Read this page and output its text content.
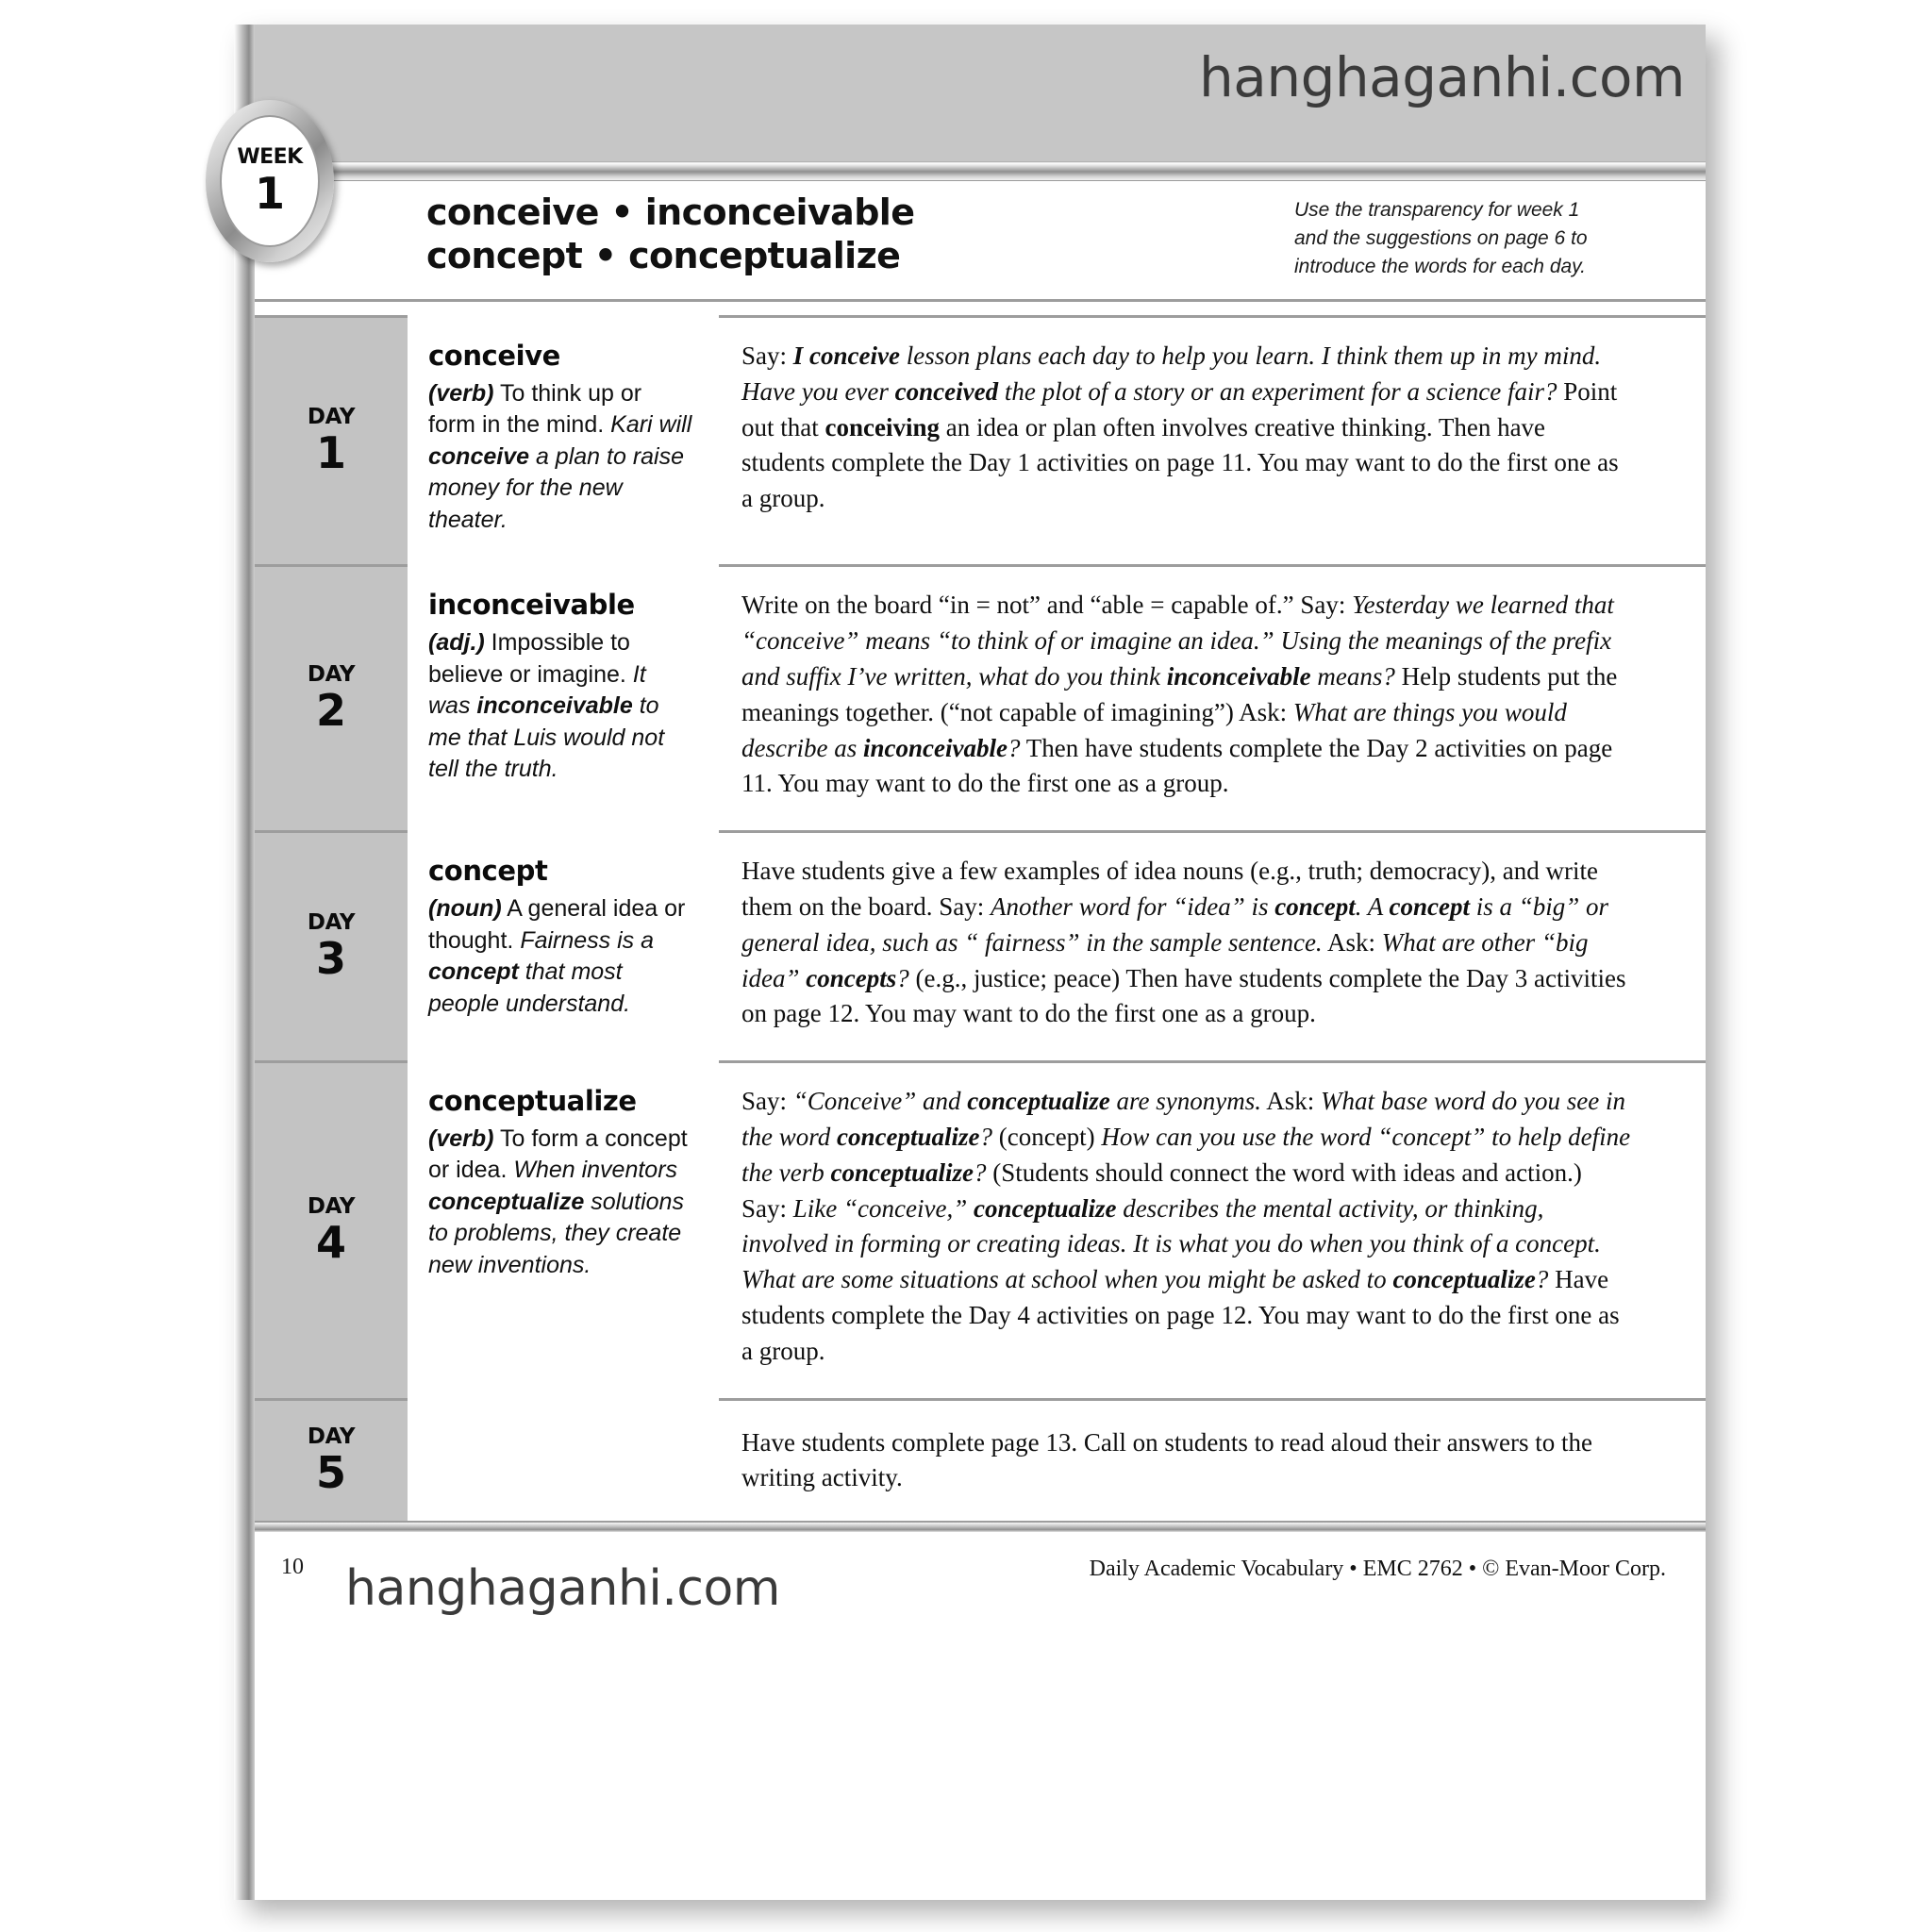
hanghaganhi.com
WEEK
1	conceive • inconceivable
concept • conceptualize
Use the transparency for week 1 and the suggestions on page 6 to introduce the words for each day.
DAY
1
conceive
(verb) To think up or form in the mind. Kari will conceive a plan to raise money for the new theater.
Say: I conceive lesson plans each day to help you learn. I think them up in my mind. Have you ever conceived the plot of a story or an experiment for a science fair? Point out that conceiving an idea or plan often involves creative thinking. Then have students complete the Day 1 activities on page 11. You may want to do the first one as a group.
DAY
2
inconceivable
(adj.) Impossible to believe or imagine. It was inconceivable to me that Luis would not tell the truth.
Write on the board “in = not” and “able = capable of.” Say: Yesterday we learned that “conceive” means “to think of or imagine an idea.” Using the meanings of the prefix and suffix I’ve written, what do you think inconceivable means? Help students put the meanings together. (“not capable of imagining”) Ask: What are things you would describe as inconceivable? Then have students complete the Day 2 activities on page 11. You may want to do the first one as a group.
DAY
3
concept
(noun) A general idea or thought. Fairness is a concept that most people understand.
Have students give a few examples of idea nouns (e.g., truth; democracy), and write them on the board. Say: Another word for “idea” is concept. A concept is a “big” or general idea, such as “ fairness” in the sample sentence. Ask: What are other “big idea” concepts? (e.g., justice; peace) Then have students complete the Day 3 activities on page 12. You may want to do the first one as a group.
DAY
4
conceptualize
(verb) To form a concept or idea. When inventors conceptualize solutions to problems, they create new inventions.
Say: “Conceive” and conceptualize are synonyms. Ask: What base word do you see in the word conceptualize? (concept) How can you use the word “concept” to help define the verb conceptualize? (Students should connect the word with ideas and action.) Say: Like “conceive,” conceptualize describes the mental activity, or thinking, involved in forming or creating ideas. It is what you do when you think of a concept. What are some situations at school when you might be asked to conceptualize? Have students complete the Day 4 activities on page 12. You may want to do the first one as a group.
DAY
5
Have students complete page 13. Call on students to read aloud their answers to the writing activity.
10 hanghaganhi.com	Daily Academic Vocabulary • EMC 2762 • © Evan-Moor Corp.
